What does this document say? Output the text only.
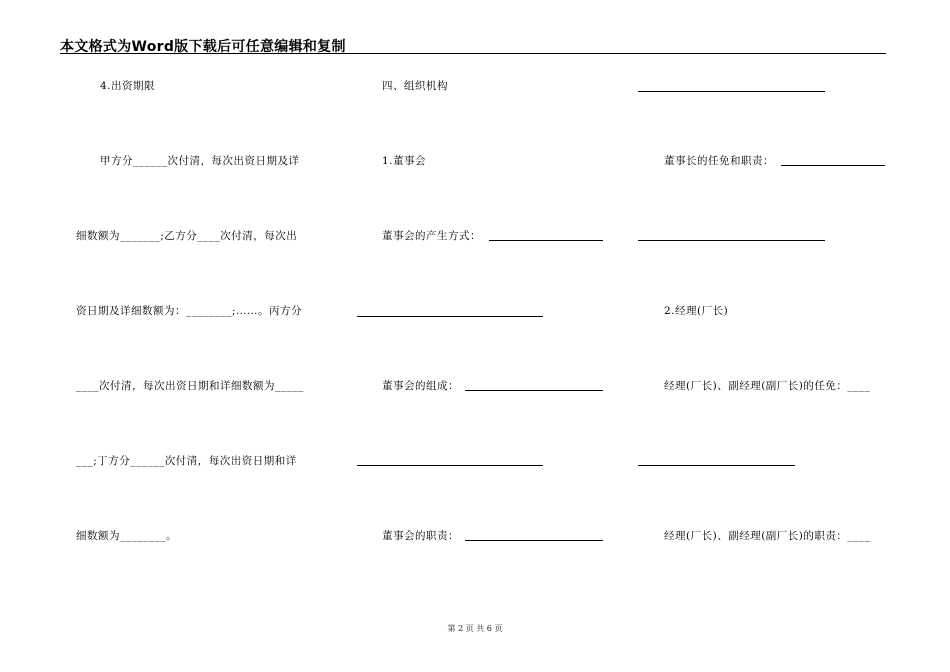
本文格式为Word版下载后可任意编辑和复制
4.出资期限
甲方分______次付清，每次出资日期及详
细数额为_______;乙方分____次付清，每次出
资日期及详细数额为：________;……。丙方分
____次付清，每次出资日期和详细数额为_____
___;丁方分______次付清，每次出资日期和详
细数额为________。
四、组织机构
1.董事会
董事会的产生方式：
董事会的组成：
董事会的职责：
董事长的任免和职责：
2.经理(厂长)
经理(厂长)、副经理(副厂长)的任免：____
经理(厂长)、副经理(副厂长)的职责：____
第 2 页 共 6 页
